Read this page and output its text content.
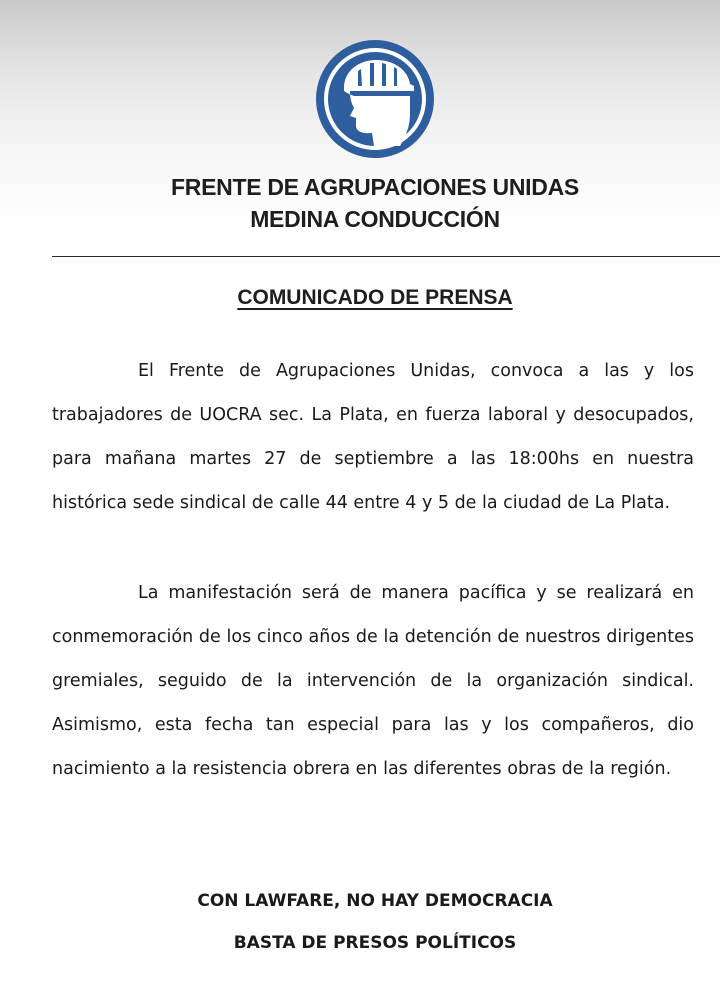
FRENTE DE AGRUPACIONES UNIDAS
MEDINA CONDUCCIÓN
COMUNICADO DE PRENSA

El Frente de Agrupaciones Unidas, convoca a las y los trabajadores de UOCRA sec. La Plata, en fuerza laboral y desocupados, para mañana martes 27 de septiembre a las 18:00hs en nuestra histórica sede sindical de calle 44 entre 4 y 5 de la ciudad de La Plata.

La manifestación será de manera pacífica y se realizará en conmemoración de los cinco años de la detención de nuestros dirigentes gremiales, seguido de la intervención de la organización sindical. Asimismo, esta fecha tan especial para las y los compañeros, dio nacimiento a la resistencia obrera en las diferentes obras de la región.

CON LAWFARE, NO HAY DEMOCRACIA

BASTA DE PRESOS POLÍTICOS
